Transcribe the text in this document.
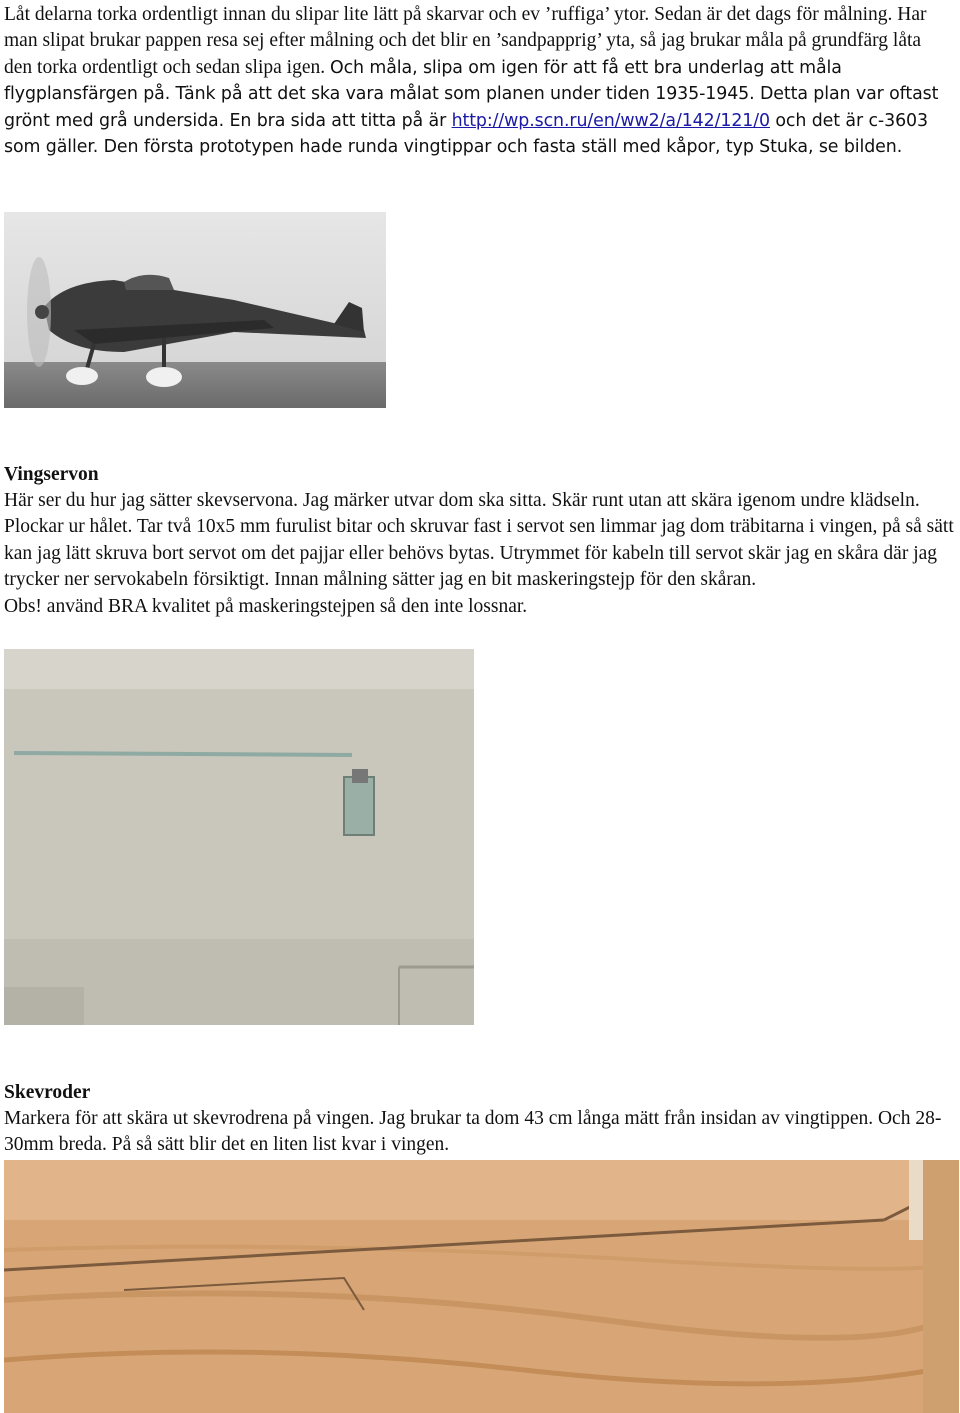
Låt delarna torka ordentligt innan du slipar lite lätt på skarvar och ev ’ruffiga’ ytor. Sedan är det dags för målning. Har man slipat brukar pappen resa sej efter målning och det blir en ’sandpapprig’ yta, så jag brukar måla på grundfärg låta den torka ordentligt och sedan slipa igen. Och måla, slipa om igen för att få ett bra underlag att måla flygplansfärgen på. Tänk på att det ska vara målat som planen under tiden 1935-1945. Detta plan var oftast grönt med grå undersida. En bra sida att titta på är http://wp.scn.ru/en/ww2/a/142/121/0 och det är c-3603 som gäller. Den första prototypen hade runda vingtippar och fasta ställ med kåpor, typ Stuka, se bilden.

Vingservon

Här ser du hur jag sätter skevservona. Jag märker utvar dom ska sitta. Skär runt utan att skära igenom undre klädseln. Plockar ur hålet. Tar två 10x5 mm furulist bitar och skruvar fast i servot sen limmar jag dom träbitarna i vingen, på så sätt kan jag lätt skruva bort servot om det pajjar eller behövs bytas. Utrymmet för kabeln till servot skär jag en skåra där jag trycker ner servokabeln försiktigt. Innan målning sätter jag en bit maskeringstejp för den skåran.

Obs! använd BRA kvalitet på maskeringstejpen så den inte lossnar.

Skevroder

Markera för att skära ut skevrodrena på vingen. Jag brukar ta dom 43 cm långa mätt från insidan av vingtippen. Och 28-30mm breda. På så sätt blir det en liten list kvar i vingen.
